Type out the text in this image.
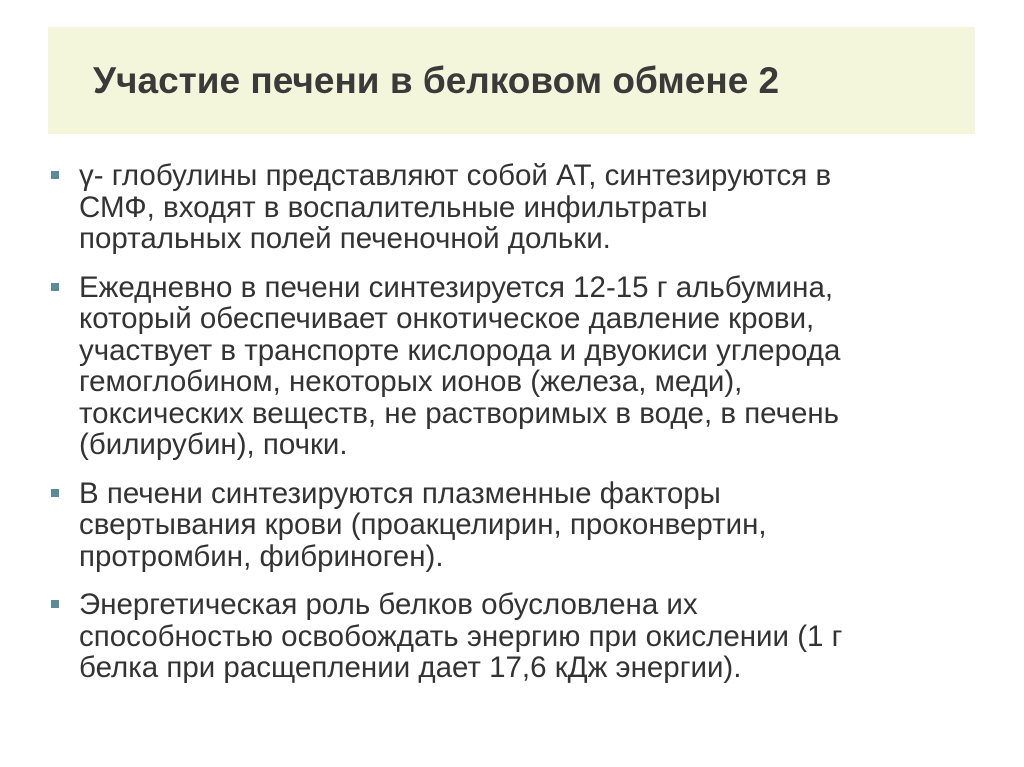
Участие печени в белковом обмене 2
γ- глобулины представляют собой АТ, синтезируются в
СМФ, входят в воспалительные инфильтраты
портальных полей печеночной дольки.
Ежедневно в печени синтезируется 12-15 г альбумина,
который обеспечивает онкотическое давление крови,
участвует в транспорте кислорода и двуокиси углерода
гемоглобином, некоторых ионов (железа, меди),
токсических веществ, не растворимых в воде, в печень
(билирубин), почки.
В печени синтезируются плазменные факторы
свертывания крови (проакцелирин, проконвертин,
протромбин, фибриноген).
Энергетическая роль белков обусловлена их
способностью освобождать энергию при окислении (1 г
белка при расщеплении дает 17,6 кДж энергии).
